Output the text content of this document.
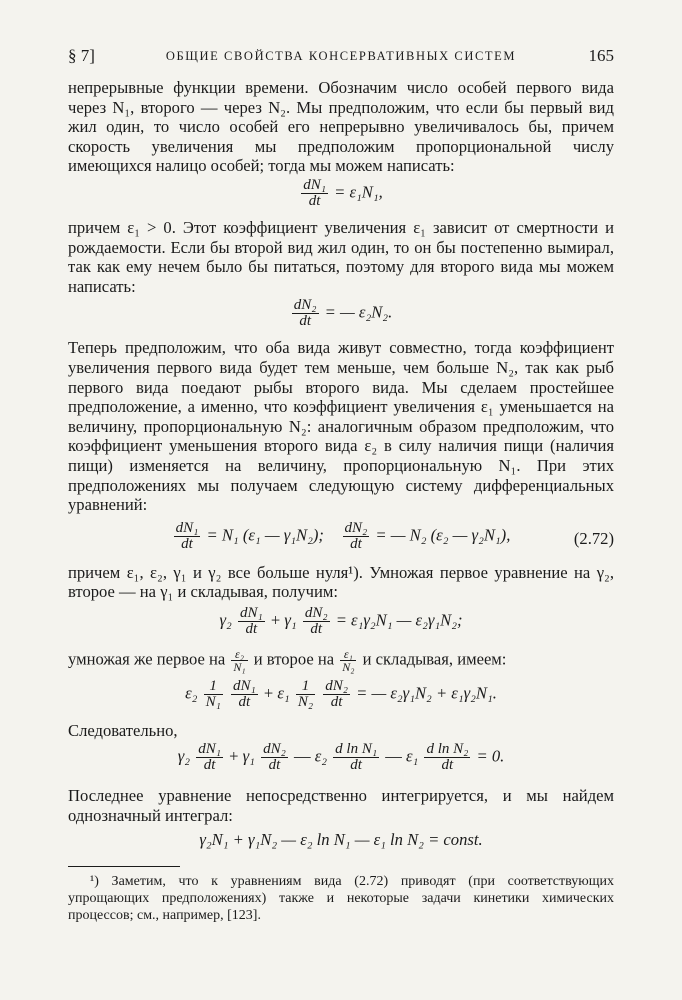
§ 7]	ОБЩИЕ СВОЙСТВА КОНСЕРВАТИВНЫХ СИСТЕМ	165

непрерывные функции времени. Обозначим число особей первого вида через N₁, второго — через N₂. Мы предположим, что если бы первый вид жил один, то число особей его непрерывно увеличивалось бы, причем скорость увеличения мы предположим пропорциональной числу имеющихся налицо особей; тогда мы можем написать:

$\frac{\text{dN₁}}{dt} = \varepsilon_1N_1$,

причем ε₁ > 0. Этот коэффициент увеличения ε₁ зависит от смертности и рождаемости. Если бы второй вид жил один, то он бы постепенно вымирал, так как ему нечем было бы питаться, поэтому для второго вида мы можем написать:

$\frac{\text{dN₂}}{dt}$ = — ε₂N₂.

Теперь предположим, что оба вида живут совместно, тогда коэффициент увеличения первого вида будет тем меньше, чем больше N₂, так как рыб первого вида поедают рыбы второго вида. Мы сделаем простейшее предположение, а именно, что коэффициент увеличения ε₁ уменьшается на величину, пропорциональную N₂: аналогичным образом предположим, что коэффициент уменьшения второго вида ε₂ в силу наличия пищи (наличия пищи) изменяется на величину, пропорциональную N₁. При этих предположениях мы получаем следующую систему дифференциальных уравнений:

$\frac{\text{dN₁}}{dt} = N_1$ (ε₁ — γ₁N₂); $\frac{\text{dN₂}}{dt}$ = — N₂ (ε₂ — γ₂N₁),	(2.72)

причем ε₁, ε₂, γ₁ и γ₂ все больше нуля¹). Умножая первое уравнение на γ₂, второе — на γ₁ и складывая, получим:

$\gamma_2 \frac{\text{dN₁}}{dt} + \gamma_1 \frac{\text{dN₂}}{dt} = \varepsilon_1\gamma_2N_1$ — ε₂γ₁N₂;

умножая же первое на $\frac{\text{ε₂}}{\text{N₁}}$ и второе на $\frac{\text{ε₁}}{\text{N₂}}$ и складывая, имеем:

$\varepsilon_2 \frac{1}{\text{N₁}}$
$\frac{\text{dN₁}}{dt} + \varepsilon_1 \frac{1}{\text{N₂}}$
$\frac{\text{dN₂}}{dt}$ = — ε₂γ₁N₂ + ε₁γ₂N₁.

Следовательно,

$\gamma_2 \frac{\text{dN₁}}{dt} + \gamma_1 \frac{\text{dN₂}}{dt}$ — $\varepsilon_2 \frac{\text{d ln N₁}}{dt}$ — $\varepsilon_1 \frac{\text{d ln N₂}}{dt} = 0$.

Последнее уравнение непосредственно интегрируется, и мы найдем однозначный интеграл:

γ₂N₁ + γ₁N₂ — ε₂ ln N₁ — ε₁ ln N₂ = const.

¹) Заметим, что к уравнениям вида (2.72) приводят (при соответствующих упрощающих предположениях) также и некоторые задачи кинетики химических процессов; см., например, [123].
